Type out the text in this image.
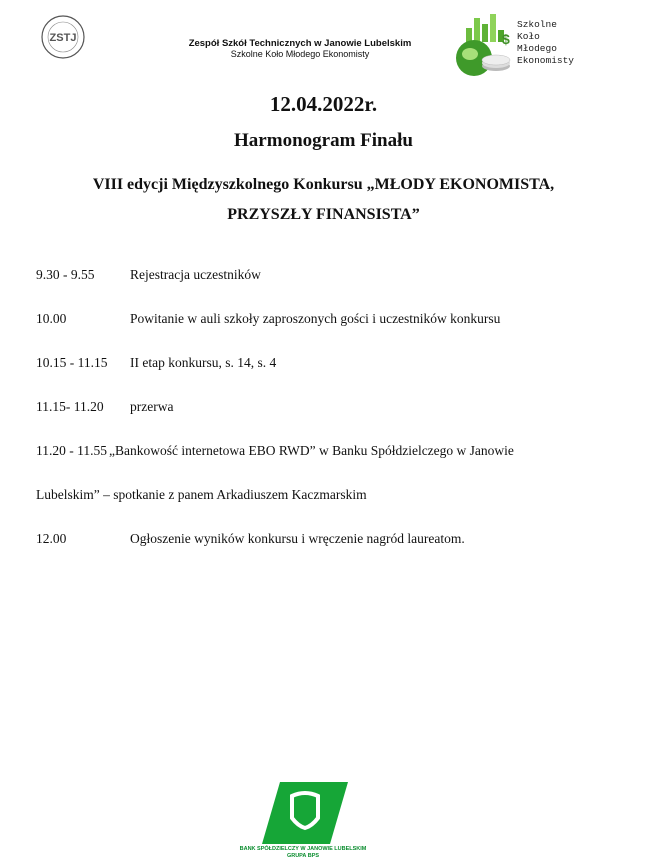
ZSTJ	Zespół Szkół Technicznych w Janowie Lubelskim
Szkolne Koło Młodego Ekonomisty
$
Szkolne
Koło
Młodego
Ekonomisty
12.04.2022r.
Harmonogram Finału
VIII edycji Międzyszkolnego Konkursu „MŁODY EKONOMISTA,
PRZYSZŁY FINANSISTA”
9.30 - 9.55	Rejestracja uczestników
10.00	Powitanie w auli szkoły zaproszonych gości i uczestników konkursu
10.15 - 11.15 II etap konkursu, s. 14, s. 4
11.15- 11.20 przerwa
11.20 - 11.55 „Bankowość internetowa EBO RWD” w Banku Spółdzielczego w Janowie
Lubelskim” – spotkanie z panem Arkadiuszem Kaczmarskim
12.00	Ogłoszenie wyników konkursu i wręczenie nagród laureatom.
BANK SPÓŁDZIELCZY W JANOWIE LUBELSKIM
GRUPA BPS
